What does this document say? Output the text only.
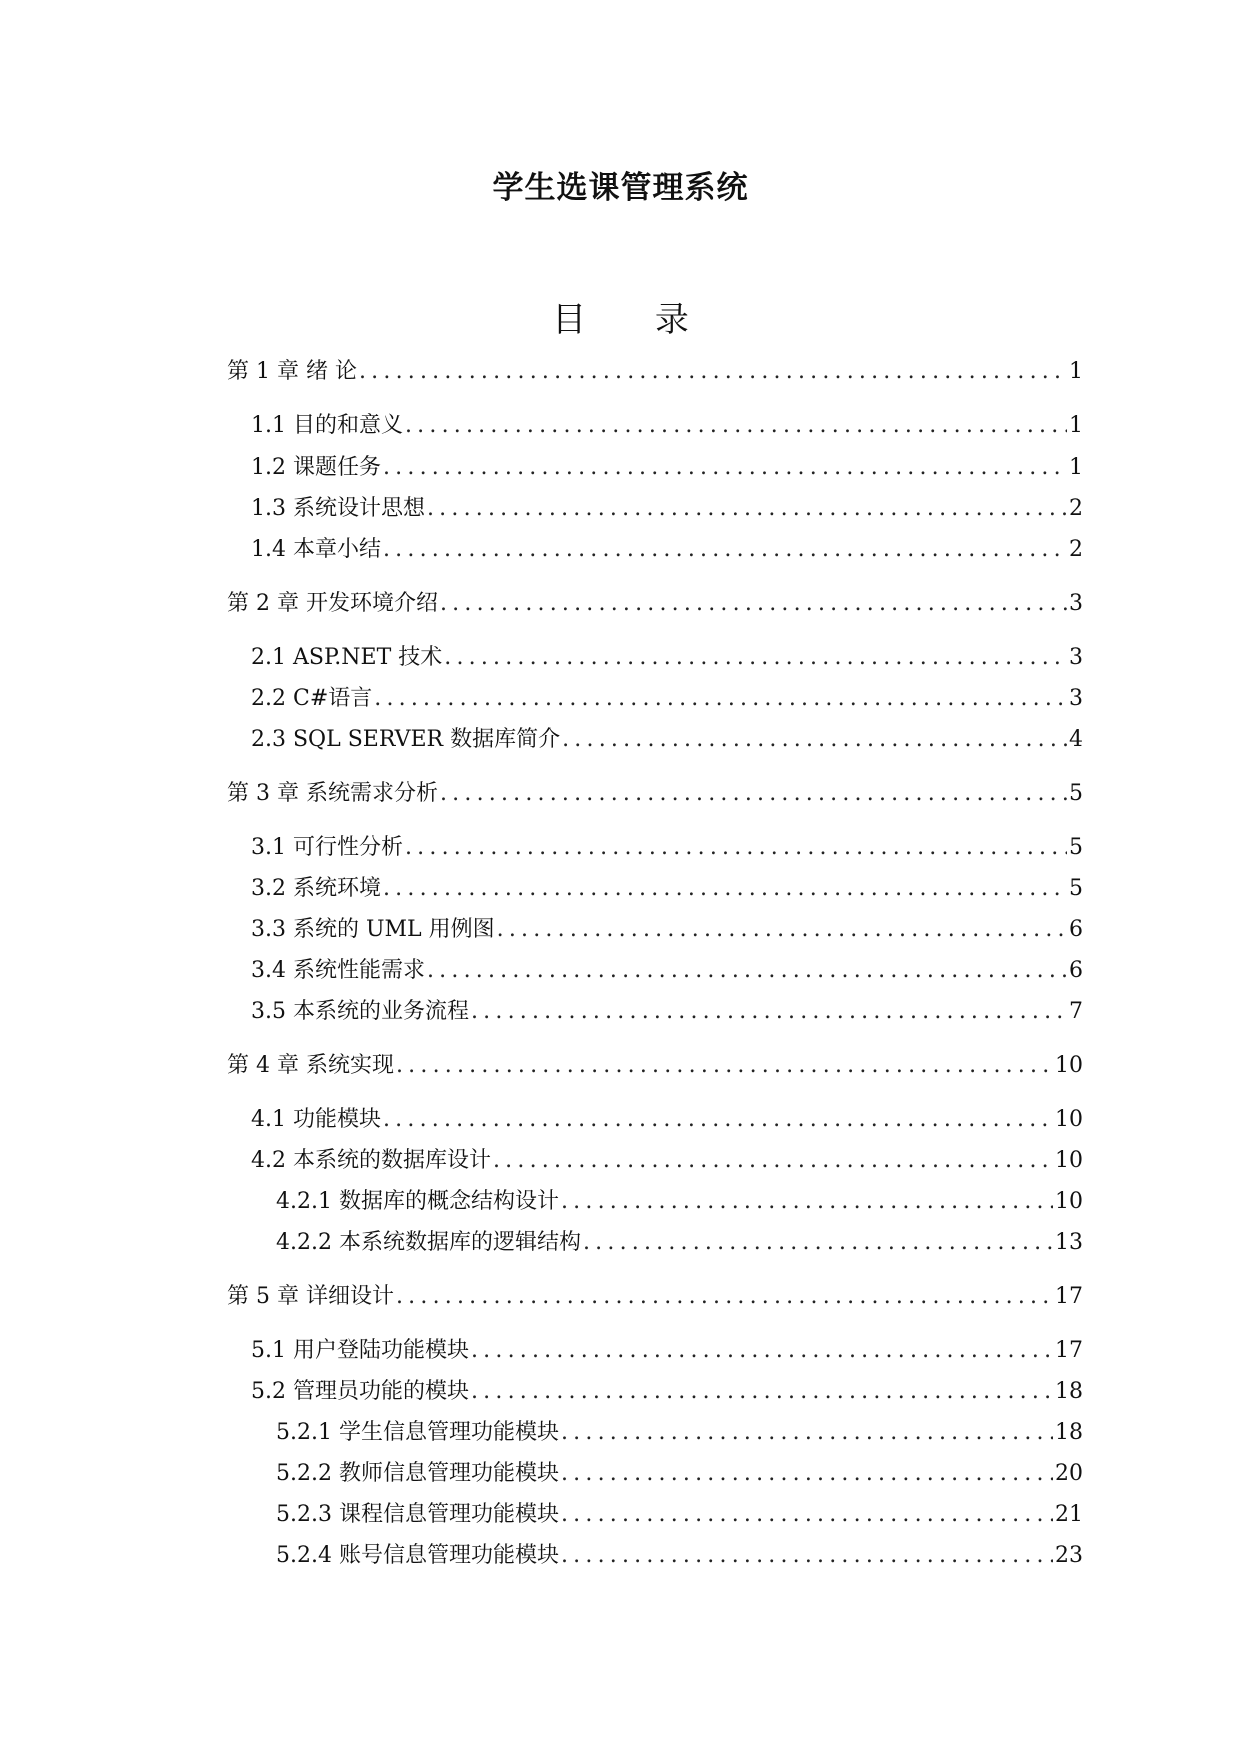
学生选课管理系统
目 录
第 1 章 绪 论 .....	1
1.1 目的和意义 .....	1
1.2 课题任务 .....	1
1.3 系统设计思想 .....	2
1.4 本章小结 .....	2
第 2 章 开发环境介绍 .....	3
2.1 ASP.NET 技术 .....	3
2.2 C#语言 .....	3
2.3 SQL SERVER 数据库简介 .....	4
第 3 章 系统需求分析 .....	5
3.1 可行性分析 .....	5
3.2 系统环境 .....	5
3.3 系统的 UML 用例图 .....	6
3.4 系统性能需求 .....	6
3.5 本系统的业务流程 .....	7
第 4 章 系统实现 .....	10
4.1 功能模块 .....	10
4.2 本系统的数据库设计 .....	10
4.2.1 数据库的概念结构设计 .....	10
4.2.2 本系统数据库的逻辑结构 .....	13
第 5 章 详细设计 .....	17
5.1 用户登陆功能模块 .....	17
5.2 管理员功能的模块 .....	18
5.2.1 学生信息管理功能模块 .....	18
5.2.2 教师信息管理功能模块 .....	20
5.2.3 课程信息管理功能模块 .....	21
5.2.4 账号信息管理功能模块 .....	23
